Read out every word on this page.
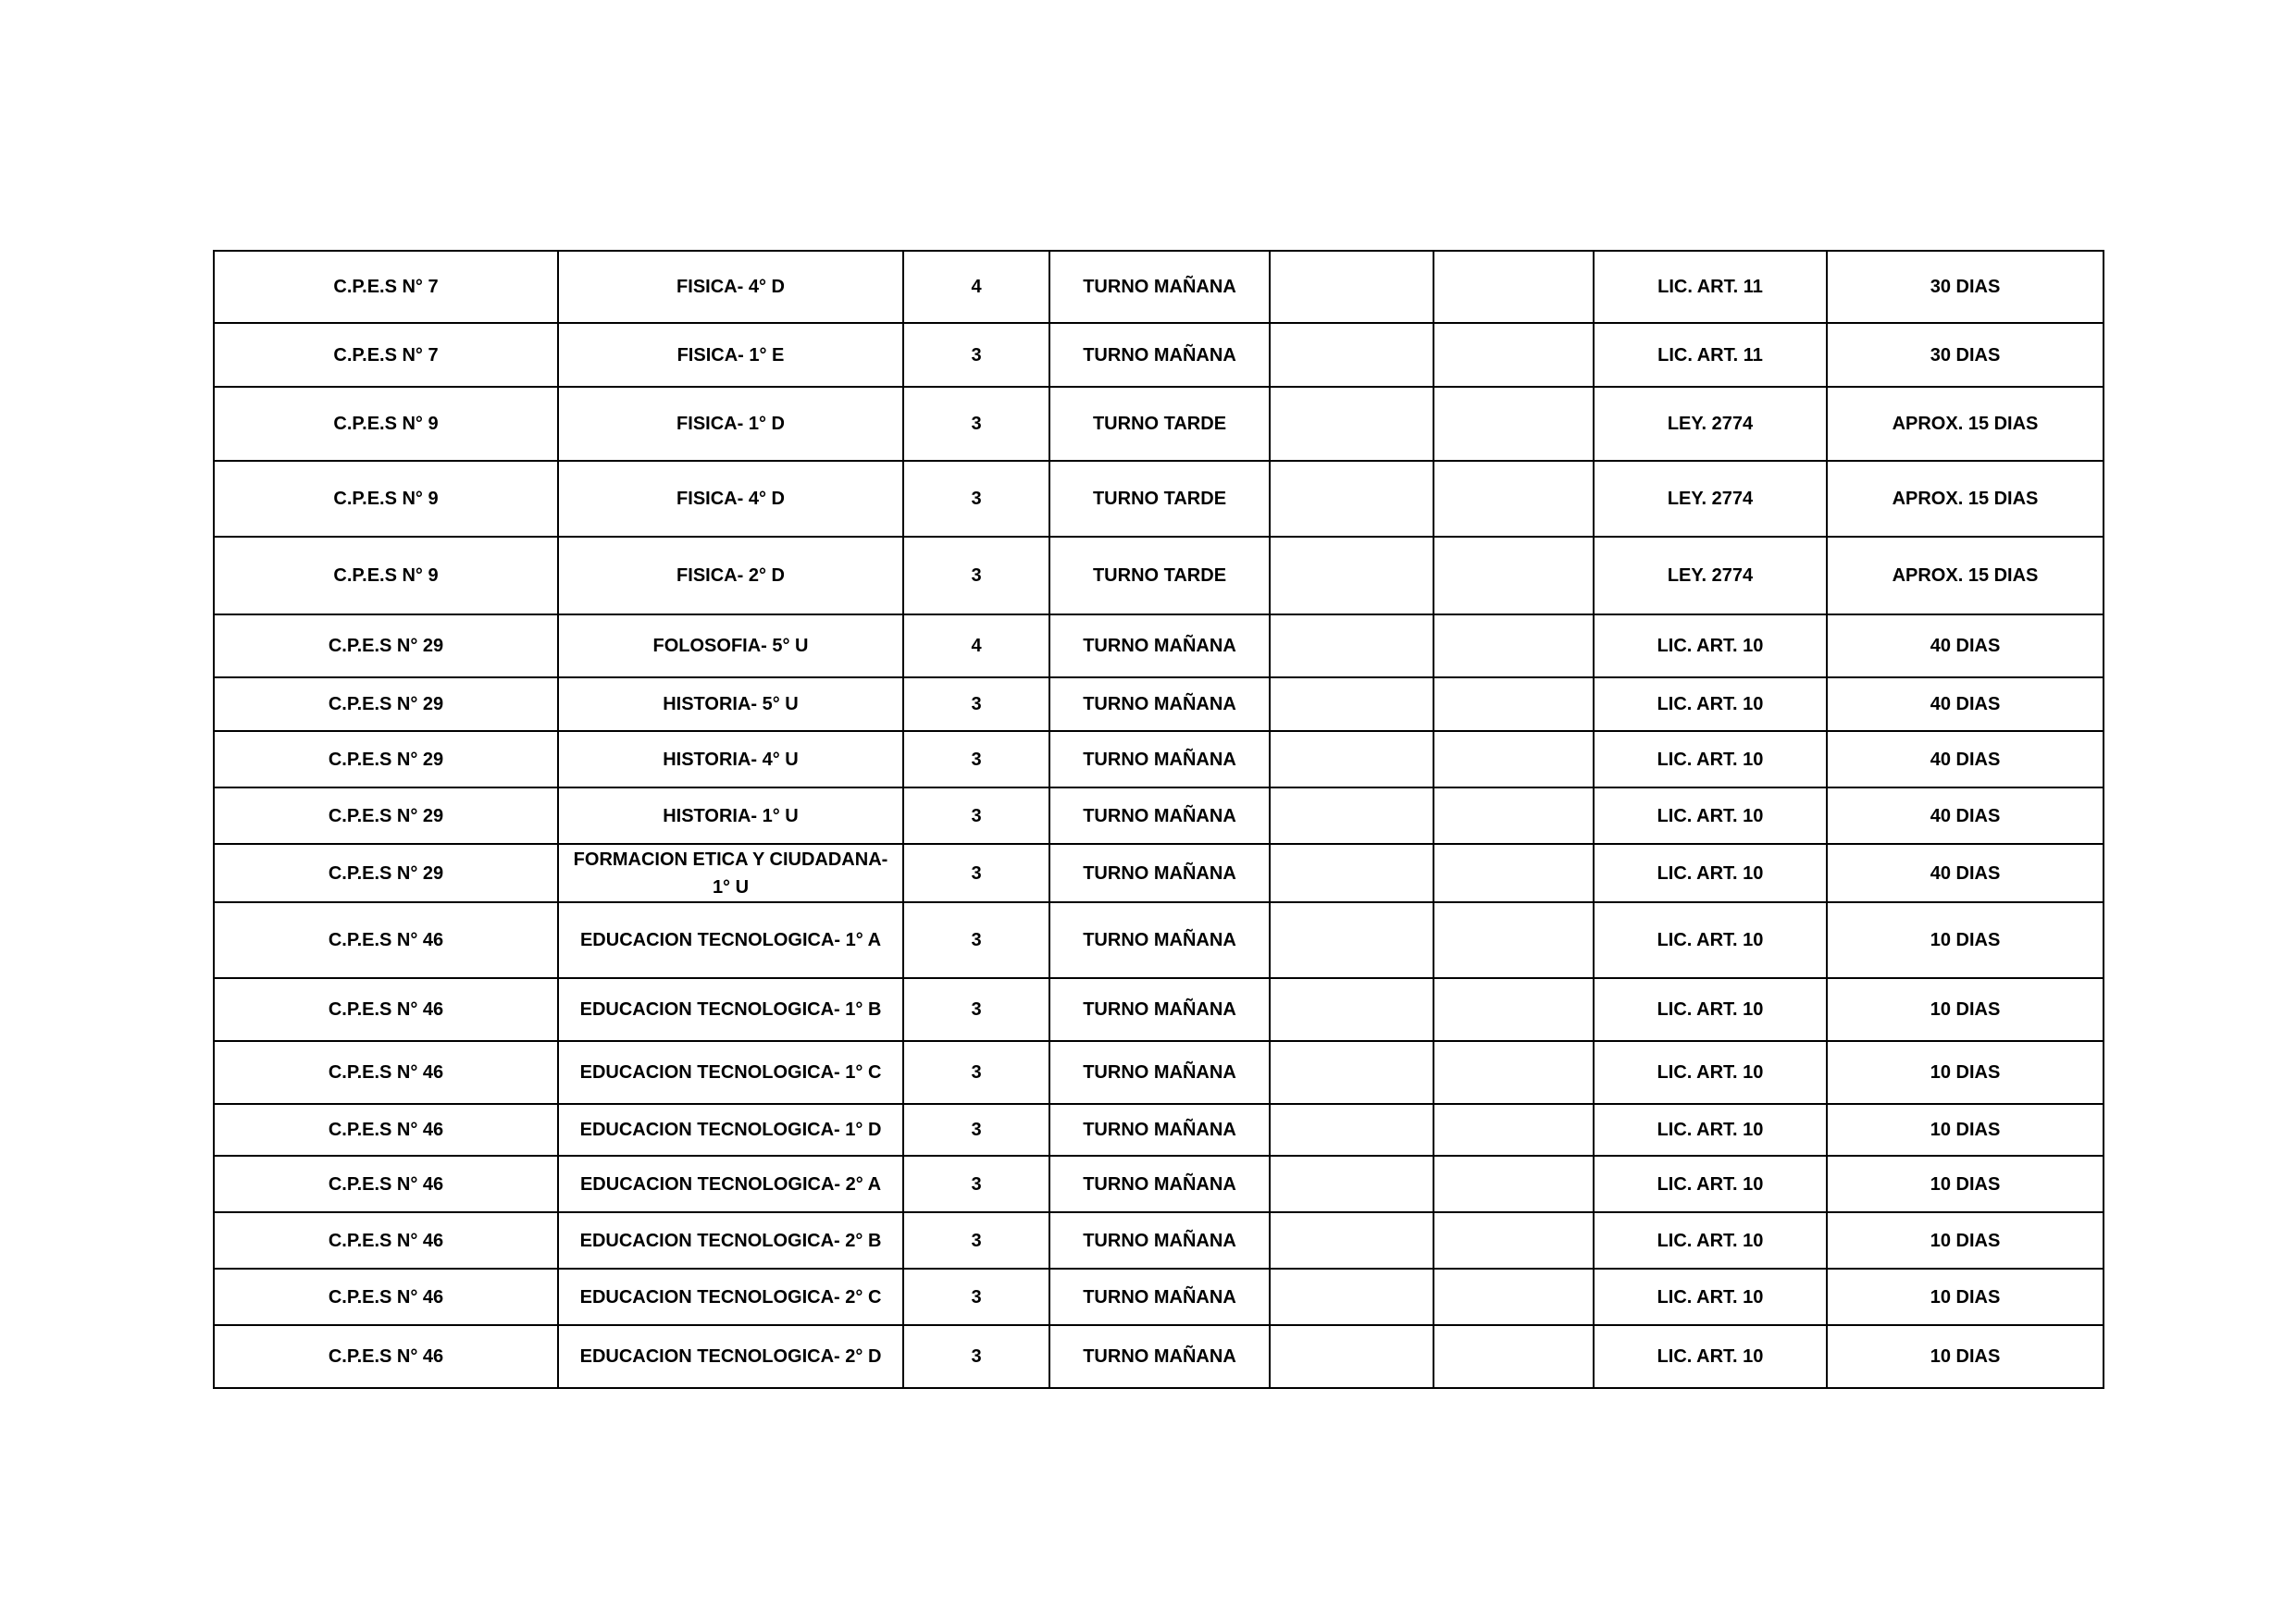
C.P.E.S N° 7	FISICA- 4° D	4	TURNO MAÑANA			LIC. ART. 11	30 DIAS
C.P.E.S N° 7	FISICA- 1° E	3	TURNO MAÑANA			LIC. ART. 11	30 DIAS
C.P.E.S N° 9	FISICA- 1° D	3	TURNO TARDE			LEY. 2774	APROX. 15 DIAS
C.P.E.S N° 9	FISICA- 4° D	3	TURNO TARDE			LEY. 2774	APROX. 15 DIAS
C.P.E.S N° 9	FISICA- 2° D	3	TURNO TARDE			LEY. 2774	APROX. 15 DIAS
C.P.E.S N° 29	FOLOSOFIA- 5° U	4	TURNO MAÑANA			LIC. ART. 10	40 DIAS
C.P.E.S N° 29	HISTORIA- 5° U	3	TURNO MAÑANA			LIC. ART. 10	40 DIAS
C.P.E.S N° 29	HISTORIA- 4° U	3	TURNO MAÑANA			LIC. ART. 10	40 DIAS
C.P.E.S N° 29	HISTORIA- 1° U	3	TURNO MAÑANA			LIC. ART. 10	40 DIAS
C.P.E.S N° 29	FORMACION ETICA Y CIUDADANA- 1° U	3	TURNO MAÑANA			LIC. ART. 10	40 DIAS
C.P.E.S N° 46	EDUCACION TECNOLOGICA- 1° A	3	TURNO MAÑANA			LIC. ART. 10	10 DIAS
C.P.E.S N° 46	EDUCACION TECNOLOGICA- 1° B	3	TURNO MAÑANA			LIC. ART. 10	10 DIAS
C.P.E.S N° 46	EDUCACION TECNOLOGICA- 1° C	3	TURNO MAÑANA			LIC. ART. 10	10 DIAS
C.P.E.S N° 46	EDUCACION TECNOLOGICA- 1° D	3	TURNO MAÑANA			LIC. ART. 10	10 DIAS
C.P.E.S N° 46	EDUCACION TECNOLOGICA- 2° A	3	TURNO MAÑANA			LIC. ART. 10	10 DIAS
C.P.E.S N° 46	EDUCACION TECNOLOGICA- 2° B	3	TURNO MAÑANA			LIC. ART. 10	10 DIAS
C.P.E.S N° 46	EDUCACION TECNOLOGICA- 2° C	3	TURNO MAÑANA			LIC. ART. 10	10 DIAS
C.P.E.S N° 46	EDUCACION TECNOLOGICA- 2° D	3	TURNO MAÑANA			LIC. ART. 10	10 DIAS
